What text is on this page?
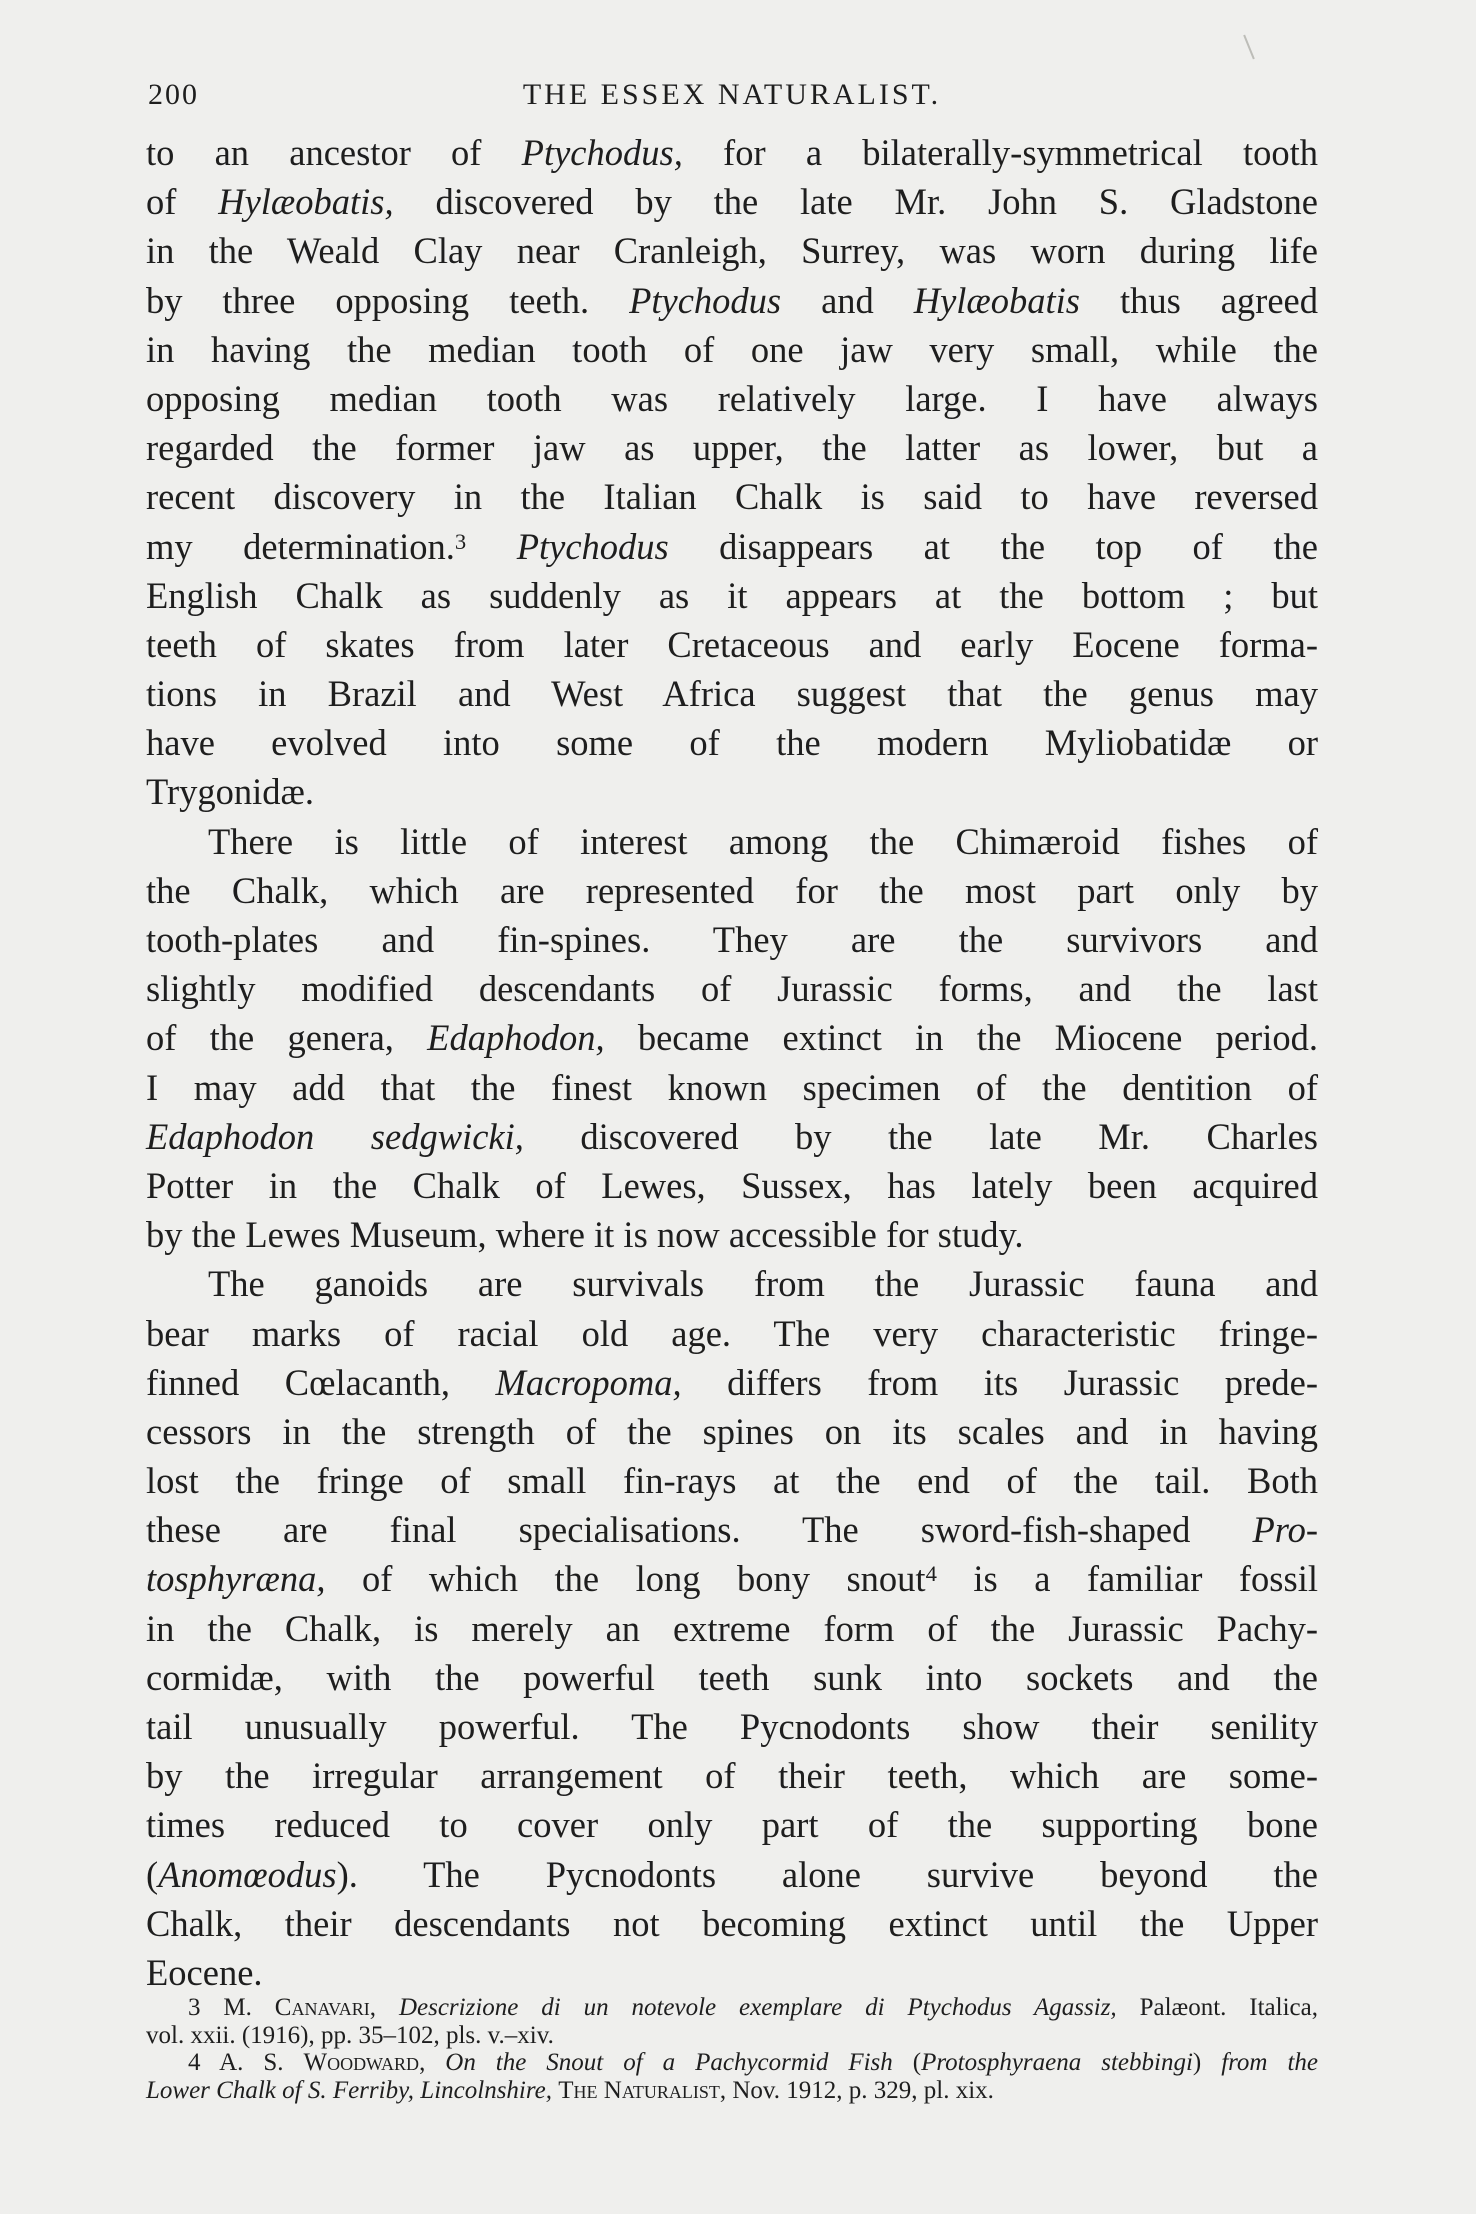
200	THE ESSEX NATURALIST.
to an ancestor of Ptychodus, for a bilaterally-symmetrical tooth
of Hylæobatis, discovered by the late Mr. John S. Gladstone
in the Weald Clay near Cranleigh, Surrey, was worn during life
by three opposing teeth. Ptychodus and Hylæobatis thus agreed
in having the median tooth of one jaw very small, while the
opposing median tooth was relatively large. I have always
regarded the former jaw as upper, the latter as lower, but a
recent discovery in the Italian Chalk is said to have reversed
my determination.$^3$ Ptychodus disappears at the top of the
English Chalk as suddenly as it appears at the bottom ; but
teeth of skates from later Cretaceous and early Eocene forma-
tions in Brazil and West Africa suggest that the genus may
have evolved into some of the modern Myliobatidæ or
Trygonidæ.
There is little of interest among the Chimæroid fishes of
the Chalk, which are represented for the most part only by
tooth-plates and fin-spines. They are the survivors and
slightly modified descendants of Jurassic forms, and the last
of the genera, Edaphodon, became extinct in the Miocene period.
I may add that the finest known specimen of the dentition of
Edaphodon sedgwicki, discovered by the late Mr. Charles
Potter in the Chalk of Lewes, Sussex, has lately been acquired
by the Lewes Museum, where it is now accessible for study.
The ganoids are survivals from the Jurassic fauna and
bear marks of racial old age. The very characteristic fringe-
finned Cœlacanth, Macropoma, differs from its Jurassic prede-
cessors in the strength of the spines on its scales and in having
lost the fringe of small fin-rays at the end of the tail. Both
these are final specialisations. The sword-fish-shaped Pro-
tosphyræna, of which the long bony snout$^4$ is a familiar fossil
in the Chalk, is merely an extreme form of the Jurassic Pachy-
cormidæ, with the powerful teeth sunk into sockets and the
tail unusually powerful. The Pycnodonts show their senility
by the irregular arrangement of their teeth, which are some-
times reduced to cover only part of the supporting bone
(Anomœodus). The Pycnodonts alone survive beyond the
Chalk, their descendants not becoming extinct until the Upper
Eocene.
3 M. Canavari, Descrizione di un notevole exemplare di Ptychodus Agassiz, Palæont. Italica,
vol. xxii. (1916), pp. 35–102, pls. v.–xiv.
4 A. S. Woodward, On the Snout of a Pachycormid Fish (Protosphyraena stebbingi) from the
Lower Chalk of S. Ferriby, Lincolnshire, The Naturalist, Nov. 1912, p. 329, pl. xix.
